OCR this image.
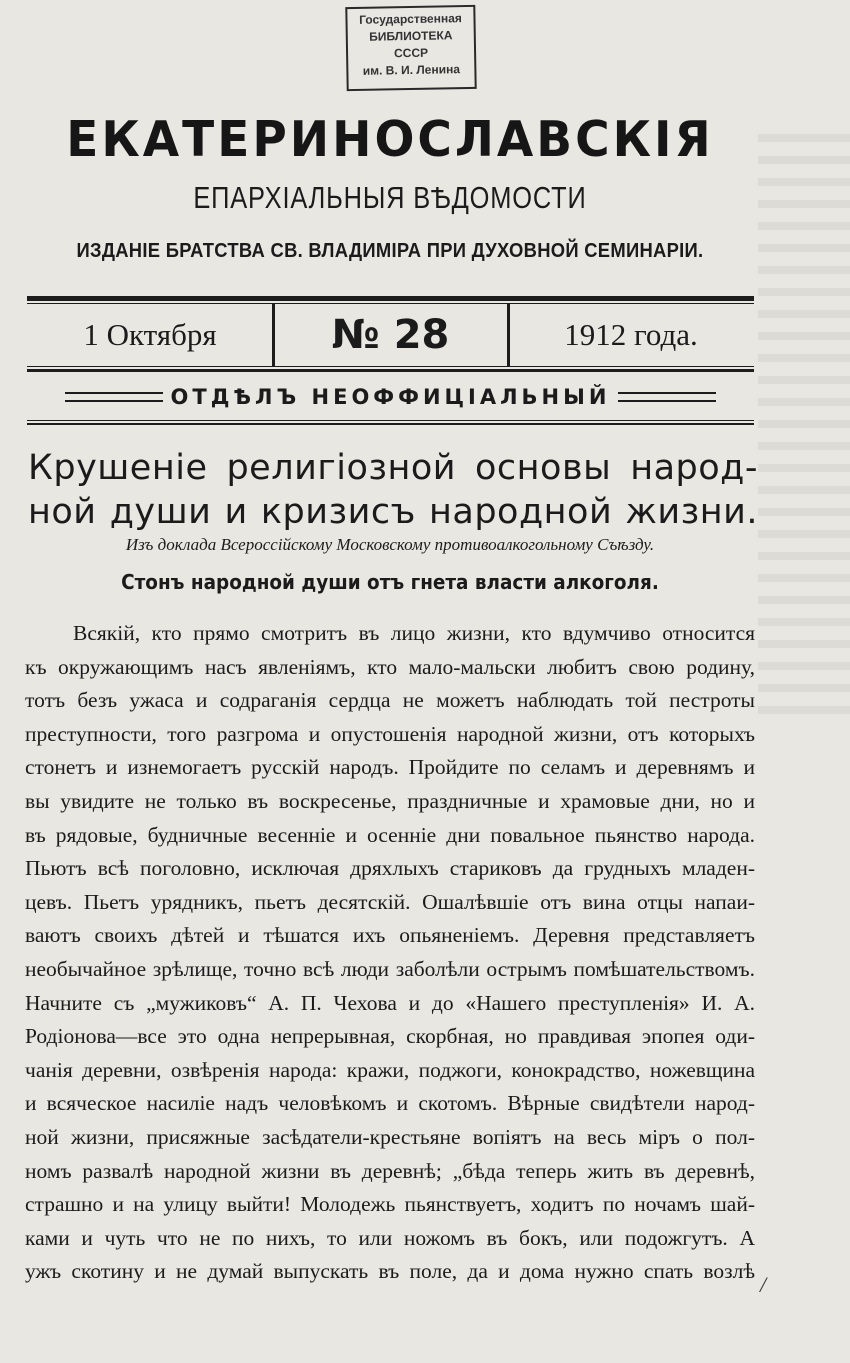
Государственная
БИБЛИОТЕКА
СССР
им. В. И. Ленина
ЕКАТЕРИНОСЛАВСКІЯ
ЕПАРХІАЛЬНЫЯ ВѢДОМОСТИ
ИЗДАНІЕ БРАТСТВА СВ. ВЛАДИМІРА ПРИ ДУХОВНОЙ СЕМИНАРІИ.
1 Октября	№ 28	1912 года.
ОТДѢЛЪ НЕОФФИЦІАЛЬНЫЙ
Крушеніе религіозной основы народ-
ной души и кризисъ народной жизни.
Изъ доклада Всероссійскому Московскому противоалкогольному Съѣзду.
Стонъ народной души отъ гнета власти алкоголя.
Всякій, кто прямо смотритъ въ лицо жизни, кто вдумчиво относится
къ окружающимъ насъ явленіямъ, кто мало-мальски любитъ свою родину,
тотъ безъ ужаса и содраганія сердца не можетъ наблюдать той пестроты
преступности, того разгрома и опустошенія народной жизни, отъ которыхъ
стонетъ и изнемогаетъ русскій народъ. Пройдите по селамъ и деревнямъ и
вы увидите не только въ воскресенье, праздничные и храмовые дни, но и
въ рядовые, будничные весенніе и осенніе дни повальное пьянство народа.
Пьютъ всѣ поголовно, исключая дряхлыхъ стариковъ да грудныхъ младен-
цевъ. Пьетъ урядникъ, пьетъ десятскій. Ошалѣвшіе отъ вина отцы напаи-
ваютъ своихъ дѣтей и тѣшатся ихъ опьяненіемъ. Деревня представляетъ
необычайное зрѣлище, точно всѣ люди заболѣли острымъ помѣшательствомъ.
Начните съ „мужиковъ“ А. П. Чехова и до «Нашего преступленія» И. А.
Родіонова—все это одна непрерывная, скорбная, но правдивая эпопея оди-
чанія деревни, озвѣренія народа: кражи, поджоги, конокрадство, ножевщина
и всяческое насиліе надъ человѣкомъ и скотомъ. Вѣрные свидѣтели народ-
ной жизни, присяжные засѣдатели-крестьяне вопіятъ на весь міръ о пол-
номъ развалѣ народной жизни въ деревнѣ; „бѣда теперь жить въ деревнѣ,
страшно и на улицу выйти! Молодежь пьянствуетъ, ходитъ по ночамъ шай-
ками и чуть что не по нихъ, то или ножомъ въ бокъ, или подожгутъ. А
ужъ скотину и не думай выпускать въ поле, да и дома нужно спать возлѣ
/
